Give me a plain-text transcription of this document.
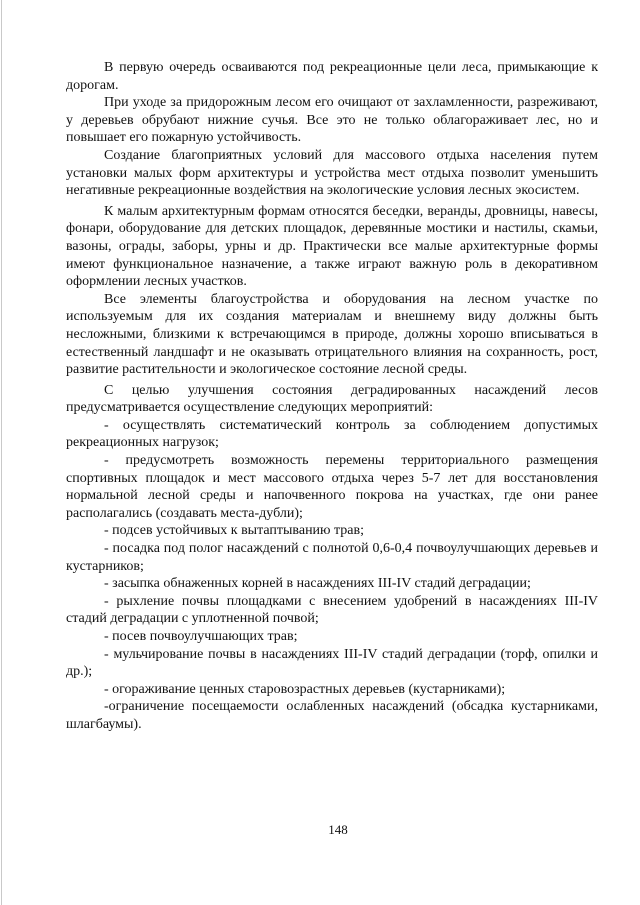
В первую очередь осваиваются под рекреационные цели леса, примыкающие к дорогам.

При уходе за придорожным лесом его очищают от захламленности, разреживают, у деревьев обрубают нижние сучья. Все это не только облагораживает лес, но и повышает его пожарную устойчивость.

Создание благоприятных условий для массового отдыха населения путем установки малых форм архитектуры и устройства мест отдыха позволит уменьшить негативные рекреационные воздействия на экологические условия лесных экосистем.

К малым архитектурным формам относятся беседки, веранды, дровницы, навесы, фонари, оборудование для детских площадок, деревянные мостики и настилы, скамьи, вазоны, ограды, заборы, урны и др. Практически все малые архитектурные формы имеют функциональное назначение, а также играют важную роль в декоративном оформлении лесных участков.

Все элементы благоустройства и оборудования на лесном участке по используемым для их создания материалам и внешнему виду должны быть несложными, близкими к встречающимся в природе, должны хорошо вписываться в естественный ландшафт и не оказывать отрицательного влияния на сохранность, рост, развитие растительности и экологическое состояние лесной среды.

С целью улучшения состояния деградированных насаждений лесов предусматривается осуществление следующих мероприятий:

- осуществлять систематический контроль за соблюдением допустимых рекреационных нагрузок;

- предусмотреть возможность перемены территориального размещения спортивных площадок и мест массового отдыха через 5-7 лет для восстановления нормальной лесной среды и напочвенного покрова на участках, где они ранее располагались (создавать места-дубли);

- подсев устойчивых к вытаптыванию трав;

- посадка под полог насаждений с полнотой 0,6-0,4 почвоулучшающих деревьев и кустарников;

- засыпка обнаженных корней в насаждениях III-IV стадий деградации;

- рыхление почвы площадками с внесением удобрений в насаждениях III-IV стадий деградации с уплотненной почвой;

- посев почвоулучшающих трав;

- мульчирование почвы в насаждениях III-IV стадий деградации (торф, опилки и др.);

- огораживание ценных старовозрастных деревьев (кустарниками);

-ограничение посещаемости ослабленных насаждений (обсадка кустарниками, шлагбаумы).

148
